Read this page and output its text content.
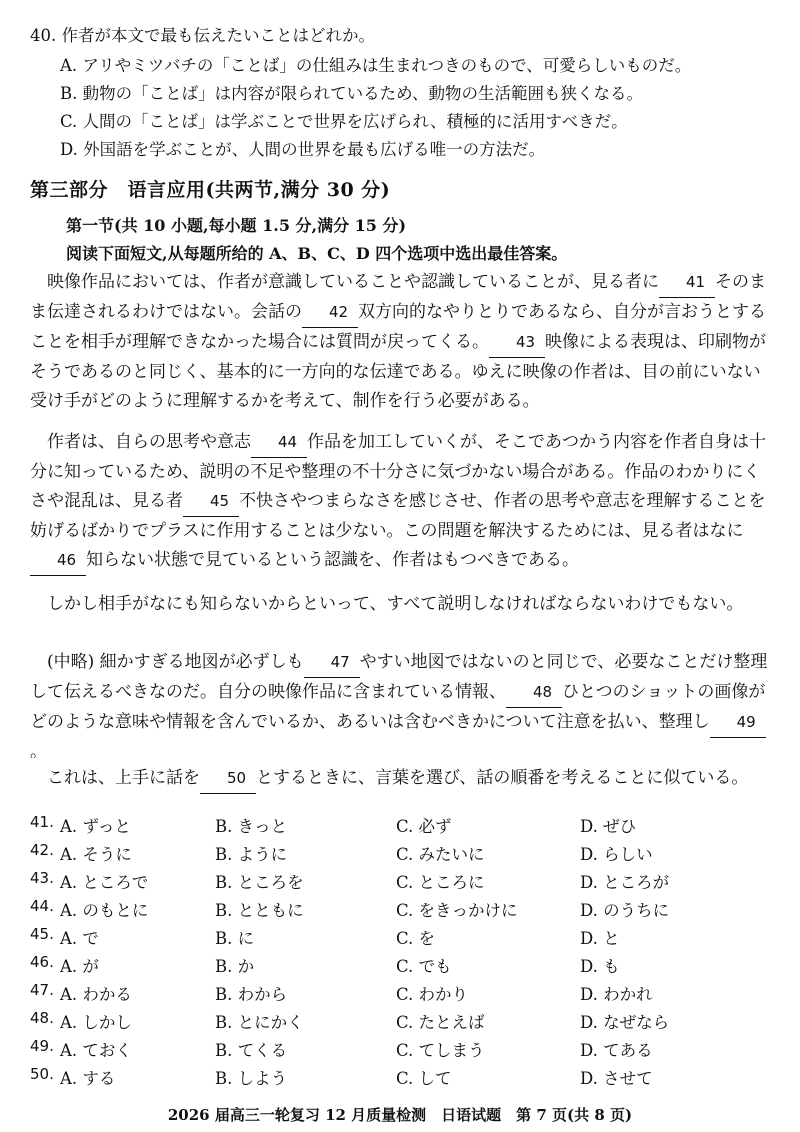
40. 作者が本文で最も伝えたいことはどれか。
A. アリやミツバチの「ことば」の仕組みは生まれつきのもので、可愛らしいものだ。
B. 動物の「ことば」は内容が限られているため、動物の生活範囲も狭くなる。
C. 人間の「ことば」は学ぶことで世界を広げられ、積極的に活用すべきだ。
D. 外国語を学ぶことが、人間の世界を最も広げる唯一の方法だ。
第三部分　语言应用(共两节,满分 30 分)
第一节(共 10 小题,每小题 1.5 分,满分 15 分)
阅读下面短文,从每题所给的 A、B、C、D 四个选项中选出最佳答案。
映像作品においては、作者が意識していることや認識していることが、見る者に 41 そのまま伝達されるわけではない。会話の 42 双方向的なやりとりであるなら、自分が言おうとすることを相手が理解できなかった場合には質問が戻ってくる。 43 映像による表現は、印刷物がそうであるのと同じく、基本的に一方向的な伝達である。ゆえに映像の作者は、目の前にいない受け手がどのように理解するかを考えて、制作を行う必要がある。
作者は、自らの思考や意志 44 作品を加工していくが、そこであつかう内容を作者自身は十分に知っているため、説明の不足や整理の不十分さに気づかない場合がある。作品のわかりにくさや混乱は、見る者 45 不快さやつまらなさを感じさせ、作者の思考や意志を理解することを妨げるばかりでプラスに作用することは少ない。この問題を解決するためには、見る者はなに46 知らない状態で見ているという認識を、作者はもつべきである。
しかし相手がなにも知らないからといって、すべて説明しなければならないわけでもない。
(中略) 細かすぎる地図が必ずしも 47 やすい地図ではないのと同じで、必要なことだけ整理して伝えるべきなのだ。自分の映像作品に含まれている情報、 48 ひとつのショットの画像がどのような意味や情報を含んでいるか、あるいは含むべきかについて注意を払い、整理し 49。
これは、上手に話を 50 とするときに、言葉を選び、話の順番を考えることに似ている。
41. A. ずっと	B. きっと	C. 必ず	D. ぜひ
42. A. そうに	B. ように	C. みたいに	D. らしい
43. A. ところで	B. ところを	C. ところに	D. ところが
44. A. のもとに	B. とともに	C. をきっかけに	D. のうちに
45. A. で	B. に	C. を	D. と
46. A. が	B. か	C. でも	D. も
47. A. わかる	B. わから	C. わかり	D. わかれ
48. A. しかし	B. とにかく	C. たとえば	D. なぜなら
49. A. ておく	B. てくる	C. てしまう	D. てある
50. A. する	B. しよう	C. して	D. させて
2026 届高三一轮复习 12 月质量检测　日语试题　第 7 页(共 8 页)
